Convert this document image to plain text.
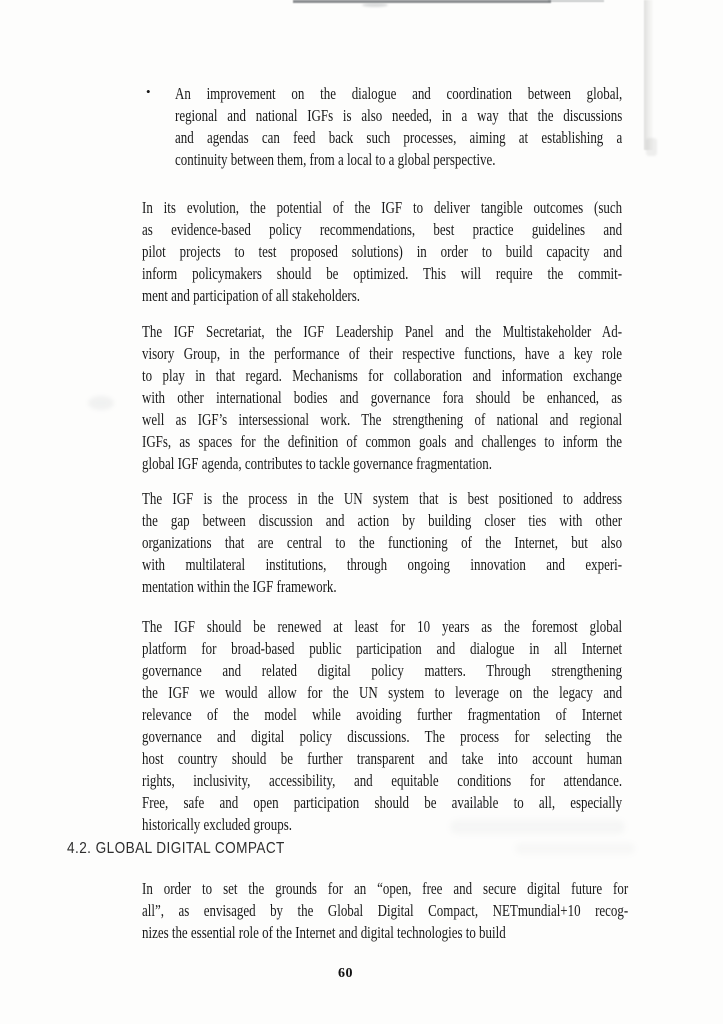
• An improvement on the dialogue and coordination between global,
regional and national IGFs is also needed, in a way that the discussions
and agendas can feed back such processes, aiming at establishing a
continuity between them, from a local to a global perspective.
In its evolution, the potential of the IGF to deliver tangible outcomes (such
as evidence-based policy recommendations, best practice guidelines and
pilot projects to test proposed solutions) in order to build capacity and
inform policymakers should be optimized. This will require the commit-
ment and participation of all stakeholders.
The IGF Secretariat, the IGF Leadership Panel and the Multistakeholder Ad-
visory Group, in the performance of their respective functions, have a key role
to play in that regard. Mechanisms for collaboration and information exchange
with other international bodies and governance fora should be enhanced, as
well as IGF’s intersessional work. The strengthening of national and regional
IGFs, as spaces for the definition of common goals and challenges to inform the
global IGF agenda, contributes to tackle governance fragmentation.
The IGF is the process in the UN system that is best positioned to address
the gap between discussion and action by building closer ties with other
organizations that are central to the functioning of the Internet, but also
with multilateral institutions, through ongoing innovation and experi-
mentation within the IGF framework.
The IGF should be renewed at least for 10 years as the foremost global
platform for broad-based public participation and dialogue in all Internet
governance and related digital policy matters. Through strengthening
the IGF we would allow for the UN system to leverage on the legacy and
relevance of the model while avoiding further fragmentation of Internet
governance and digital policy discussions. The process for selecting the
host country should be further transparent and take into account human
rights, inclusivity, accessibility, and equitable conditions for attendance.
Free, safe and open participation should be available to all, especially
historically excluded groups.
4.2. GLOBAL DIGITAL COMPACT
In order to set the grounds for an “open, free and secure digital future for
all”, as envisaged by the Global Digital Compact, NETmundial+10 recog-
nizes the essential role of the Internet and digital technologies to build
60
